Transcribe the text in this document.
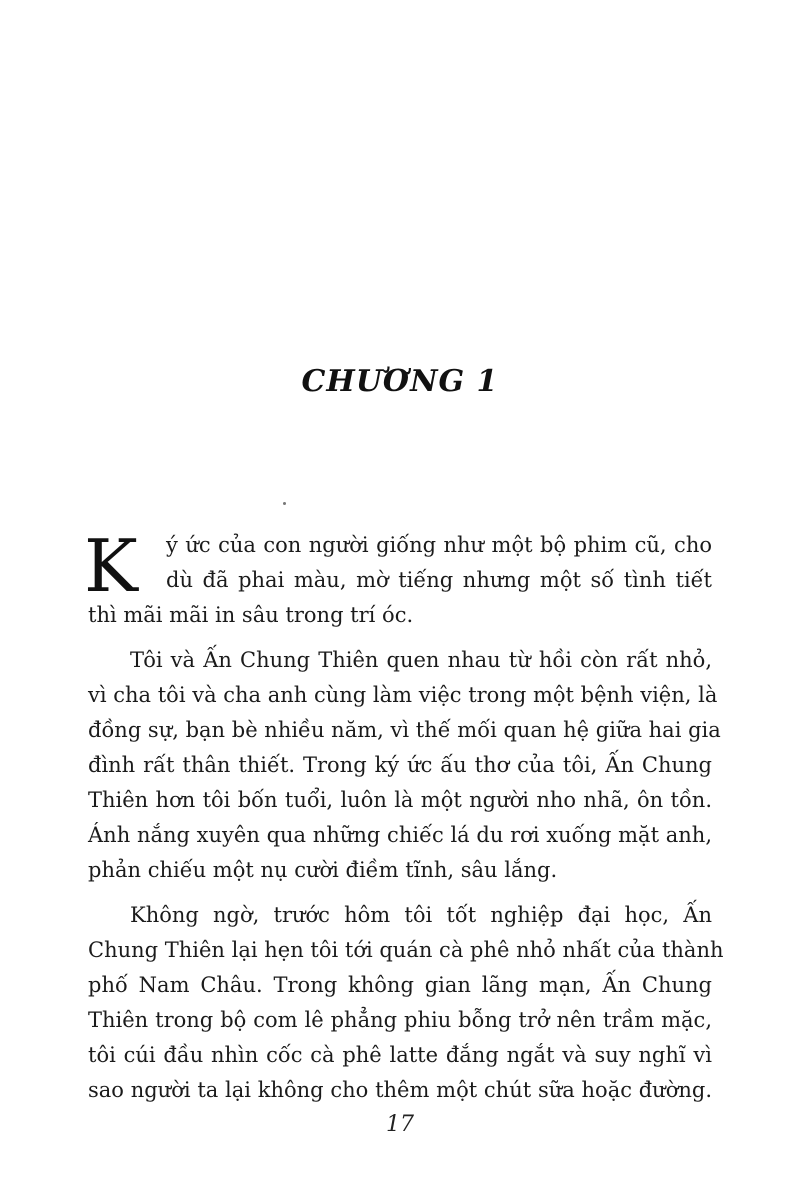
CHƯƠNG 1
K	ý ức của con người giống như một bộ phim cũ, cho
dù đã phai màu, mờ tiếng nhưng một số tình tiết
thì mãi mãi in sâu trong trí óc.
Tôi và Ấn Chung Thiên quen nhau từ hồi còn rất nhỏ,
vì cha tôi và cha anh cùng làm việc trong một bệnh viện, là
đồng sự, bạn bè nhiều năm, vì thế mối quan hệ giữa hai gia
đình rất thân thiết. Trong ký ức ấu thơ của tôi, Ấn Chung
Thiên hơn tôi bốn tuổi, luôn là một người nho nhã, ôn tồn.
Ánh nắng xuyên qua những chiếc lá du rơi xuống mặt anh,
phản chiếu một nụ cười điềm tĩnh, sâu lắng.
Không ngờ, trước hôm tôi tốt nghiệp đại học, Ấn
Chung Thiên lại hẹn tôi tới quán cà phê nhỏ nhất của thành
phố Nam Châu. Trong không gian lãng mạn, Ấn Chung
Thiên trong bộ com lê phẳng phiu bỗng trở nên trầm mặc,
tôi cúi đầu nhìn cốc cà phê latte đắng ngắt và suy nghĩ vì
sao người ta lại không cho thêm một chút sữa hoặc đường.
17
